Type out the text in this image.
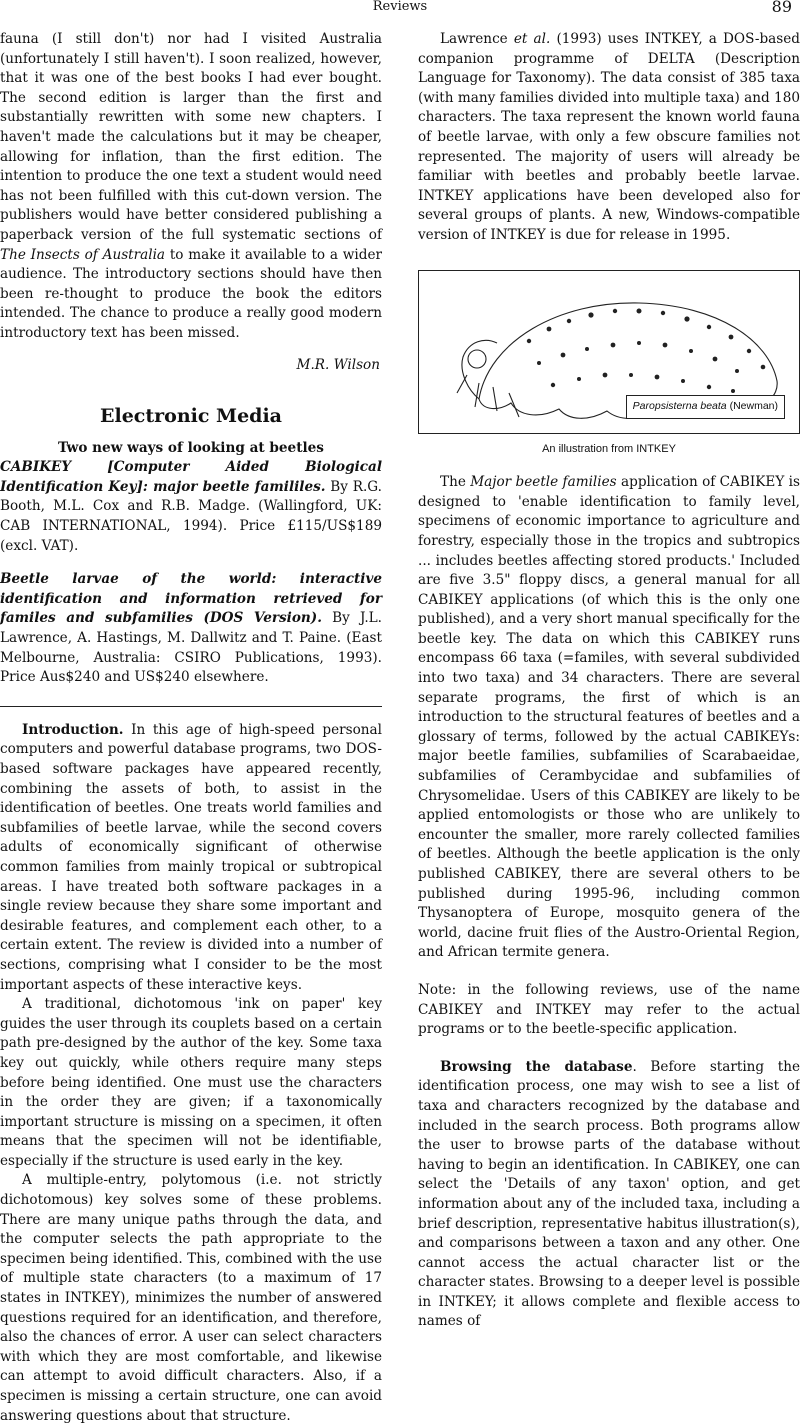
Reviews	89

fauna (I still don't) nor had I visited Australia (unfortunately I still haven't). I soon realized, however, that it was one of the best books I had ever bought. The second edition is larger than the first and substantially rewritten with some new chapters. I haven't made the calculations but it may be cheaper, allowing for inflation, than the first edition. The intention to produce the one text a student would need has not been fulfilled with this cut-down version. The publishers would have better considered publishing a paperback version of the full systematic sections of The Insects of Australia to make it available to a wider audience. The introductory sections should have then been re-thought to produce the book the editors intended. The chance to produce a really good modern introductory text has been missed.

M.R. Wilson

Electronic Media

Two new ways of looking at beetles

CABIKEY [Computer Aided Biological Identification Key]: major beetle famililes. By R.G. Booth, M.L. Cox and R.B. Madge. (Wallingford, UK: CAB INTERNATIONAL, 1994). Price £115/US$189 (excl. VAT).

Beetle larvae of the world: interactive identification and information retrieved for familes and subfamilies (DOS Version). By J.L. Lawrence, A. Hastings, M. Dallwitz and T. Paine. (East Melbourne, Australia: CSIRO Publications, 1993). Price Aus$240 and US$240 elsewhere.

Introduction. In this age of high-speed personal computers and powerful database programs, two DOS-based software packages have appeared recently, combining the assets of both, to assist in the identification of beetles. One treats world families and subfamilies of beetle larvae, while the second covers adults of economically significant of otherwise common families from mainly tropical or subtropical areas. I have treated both software packages in a single review because they share some important and desirable features, and complement each other, to a certain extent. The review is divided into a number of sections, comprising what I consider to be the most important aspects of these interactive keys.

A traditional, dichotomous 'ink on paper' key guides the user through its couplets based on a certain path pre-designed by the author of the key. Some taxa key out quickly, while others require many steps before being identified. One must use the characters in the order they are given; if a taxonomically important structure is missing on a specimen, it often means that the specimen will not be identifiable, especially if the structure is used early in the key.

A multiple-entry, polytomous (i.e. not strictly dichotomous) key solves some of these problems. There are many unique paths through the data, and the computer selects the path appropriate to the specimen being identified. This, combined with the use of multiple state characters (to a maximum of 17 states in INTKEY), minimizes the number of answered questions required for an identification, and therefore, also the chances of error. A user can select characters with which they are most comfortable, and likewise can attempt to avoid difficult characters. Also, if a specimen is missing a certain structure, one can avoid answering questions about that structure.

Lawrence et al. (1993) uses INTKEY, a DOS-based companion programme of DELTA (Description Language for Taxonomy). The data consist of 385 taxa (with many families divided into multiple taxa) and 180 characters. The taxa represent the known world fauna of beetle larvae, with only a few obscure families not represented. The majority of users will already be familiar with beetles and probably beetle larvae. INTKEY applications have been developed also for several groups of plants. A new, Windows-compatible version of INTKEY is due for release in 1995.

Paropsisterna beata (Newman)
An illustration from INTKEY

The Major beetle families application of CABIKEY is designed to 'enable identification to family level, specimens of economic importance to agriculture and forestry, especially those in the tropics and subtropics ... includes beetles affecting stored products.' Included are five 3.5" floppy discs, a general manual for all CABIKEY applications (of which this is the only one published), and a very short manual specifically for the beetle key. The data on which this CABIKEY runs encompass 66 taxa (=familes, with several subdivided into two taxa) and 34 characters. There are several separate programs, the first of which is an introduction to the structural features of beetles and a glossary of terms, followed by the actual CABIKEYs: major beetle families, subfamilies of Scarabaeidae, subfamilies of Cerambycidae and subfamilies of Chrysomelidae. Users of this CABIKEY are likely to be applied entomologists or those who are unlikely to encounter the smaller, more rarely collected families of beetles. Although the beetle application is the only published CABIKEY, there are several others to be published during 1995-96, including common Thysanoptera of Europe, mosquito genera of the world, dacine fruit flies of the Austro-Oriental Region, and African termite genera.

Note: in the following reviews, use of the name CABIKEY and INTKEY may refer to the actual programs or to the beetle-specific application.

Browsing the database. Before starting the identification process, one may wish to see a list of taxa and characters recognized by the database and included in the search process. Both programs allow the user to browse parts of the database without having to begin an identification. In CABIKEY, one can select the 'Details of any taxon' option, and get information about any of the included taxa, including a brief description, representative habitus illustration(s), and comparisons between a taxon and any other. One cannot access the actual character list or the character states. Browsing to a deeper level is possible in INTKEY; it allows complete and flexible access to names of
